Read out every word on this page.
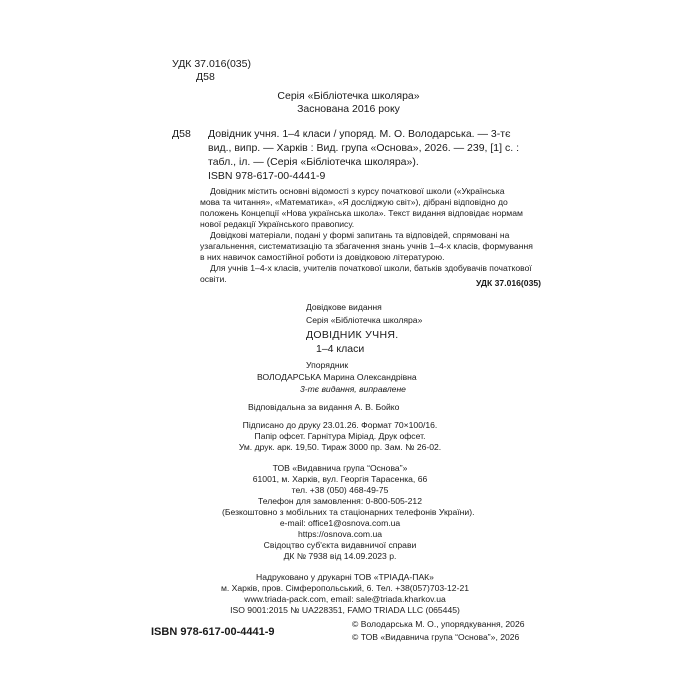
УДК 37.016(035)
Д58
Серія «Бібліотечка школяра»
Заснована 2016 року
Д58 Довідник учня. 1–4 класи / упоряд. М. О. Володарська. — 3-тє
вид., випр. — Харків : Вид. група «Основа», 2026. — 239, [1] с. :
табл., іл. — (Серія «Бібліотечка школяра»).
ISBN 978-617-00-4441-9
Довідник містить основні відомості з курсу початкової школи («Українська
мова та читання», «Математика», «Я досліджую світ»), дібрані відповідно до
положень Концепції «Нова українська школа». Текст видання відповідає нормам
нової редакції Українського правопису.
Довідкові матеріали, подані у формі запитань та відповідей, спрямовані на
узагальнення, систематизацію та збагачення знань учнів 1–4-х класів, формування
в них навичок самостійної роботи із довідковою літературою.
Для учнів 1–4-х класів, учителів початкової школи, батьків здобувачів початкової
освіти.	УДК 37.016(035)
Довідкове видання
Серія «Бібліотечка школяра»
ДОВІДНИК УЧНЯ.
1–4 класи
Упорядник
ВОЛОДАРСЬКА Марина Олександрівна
3-тє видання, виправлене
Відповідальна за видання А. В. Бойко
Підписано до друку 23.01.26. Формат 70×100/16.
Папір офсет. Гарнітура Міріад. Друк офсет.
Ум. друк. арк. 19,50. Тираж 3000 пр. Зам. № 26-02.
ТОВ «Видавнича група “Основа”»
61001, м. Харків, вул. Георгія Тарасенка, 66
тел. +38 (050) 468-49-75
Телефон для замовлення: 0-800-505-212
(Безкоштовно з мобільних та стаціонарних телефонів України).
e-mail: office1@osnova.com.ua
https://osnova.com.ua
Свідоцтво суб'єкта видавничої справи
ДК № 7938 від 14.09.2023 р.
Надруковано у друкарні ТОВ «ТРІАДА-ПАК»
м. Харків, пров. Сімферопольський, 6. Тел. +38(057)703-12-21
www.triada-pack.com, email: sale@triada.kharkov.ua
ISO 9001:2015 № UA228351, FAMO TRIADA LLC (065445)
ISBN 978-617-00-4441-9
© Володарська М. О., упорядкування, 2026
© ТОВ «Видавнича група “Основа”», 2026
